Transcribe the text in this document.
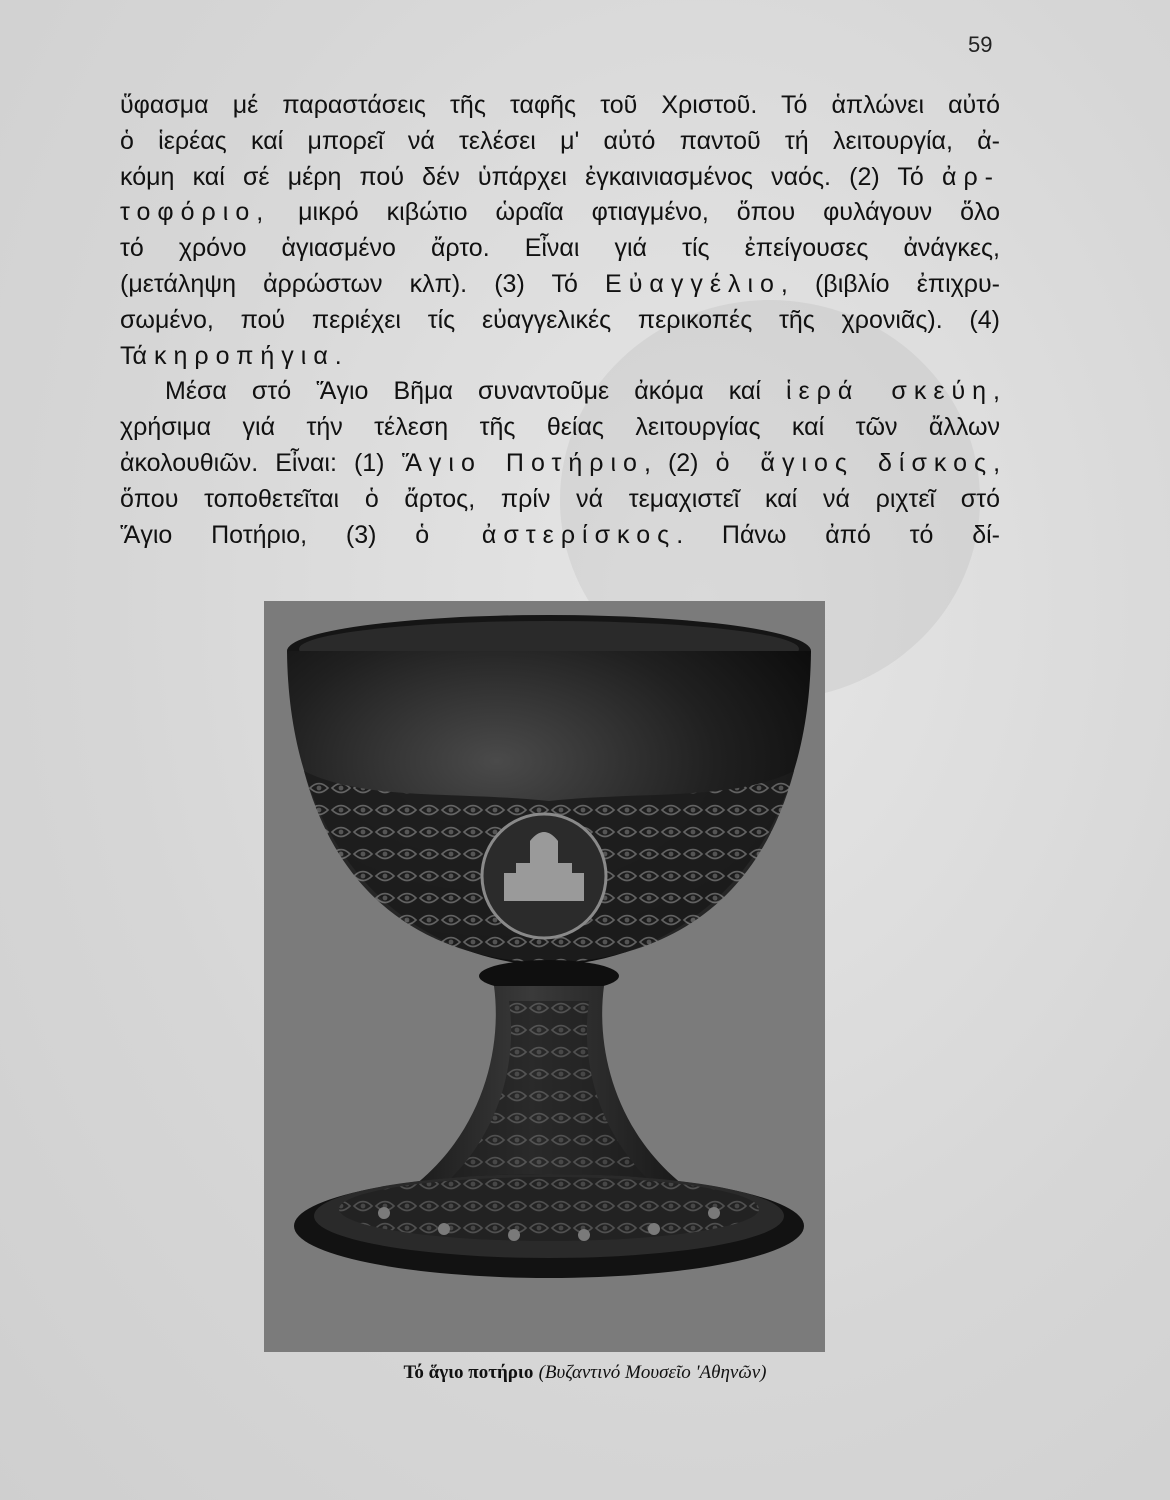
59
ὕφασμα μέ παραστάσεις τῆς ταφῆς τοῦ Χριστοῦ. Τό ἁπλώνει αὐτό
ὁ ἱερέας καί μπορεῖ νά τελέσει μ' αὐτό παντοῦ τή λειτουργία, ἀ-
κόμη καί σέ μέρη πού δέν ὑπάρχει ἐγκαινιασμένος ναός. (2) Τό ἀρ-
τοφόριο, μικρό κιβώτιο ὡραῖα φτιαγμένο, ὅπου φυλάγουν ὅλο
τό χρόνο ἁγιασμένο ἄρτο. Εἶναι γιά τίς ἐπείγουσες ἀνάγκες,
(μετάληψη ἀρρώστων κλπ). (3) Τό Εὐαγγέλιο, (βιβλίο ἐπιχρυ-
σωμένο, πού περιέχει τίς εὐαγγελικές περικοπές τῆς χρονιᾶς). (4)
Τά κηροπήγια.
Μέσα στό Ἅγιο Βῆμα συναντοῦμε ἀκόμα καί ἱερά σκεύη,
χρήσιμα γιά τήν τέλεση τῆς θείας λειτουργίας καί τῶν ἄλλων
ἀκολουθιῶν. Εἶναι: (1) Ἅγιο Ποτήριο, (2) ὁ ἅγιος δίσκος,
ὅπου τοποθετεῖται ὁ ἄρτος, πρίν νά τεμαχιστεῖ καί νά ριχτεῖ στό
Ἅγιο Ποτήριο, (3) ὁ ἀστερίσκος. Πάνω ἀπό τό δί-
Τό ἅγιο ποτήριο (Βυζαντινό Μουσεῖο 'Αθηνῶν)
